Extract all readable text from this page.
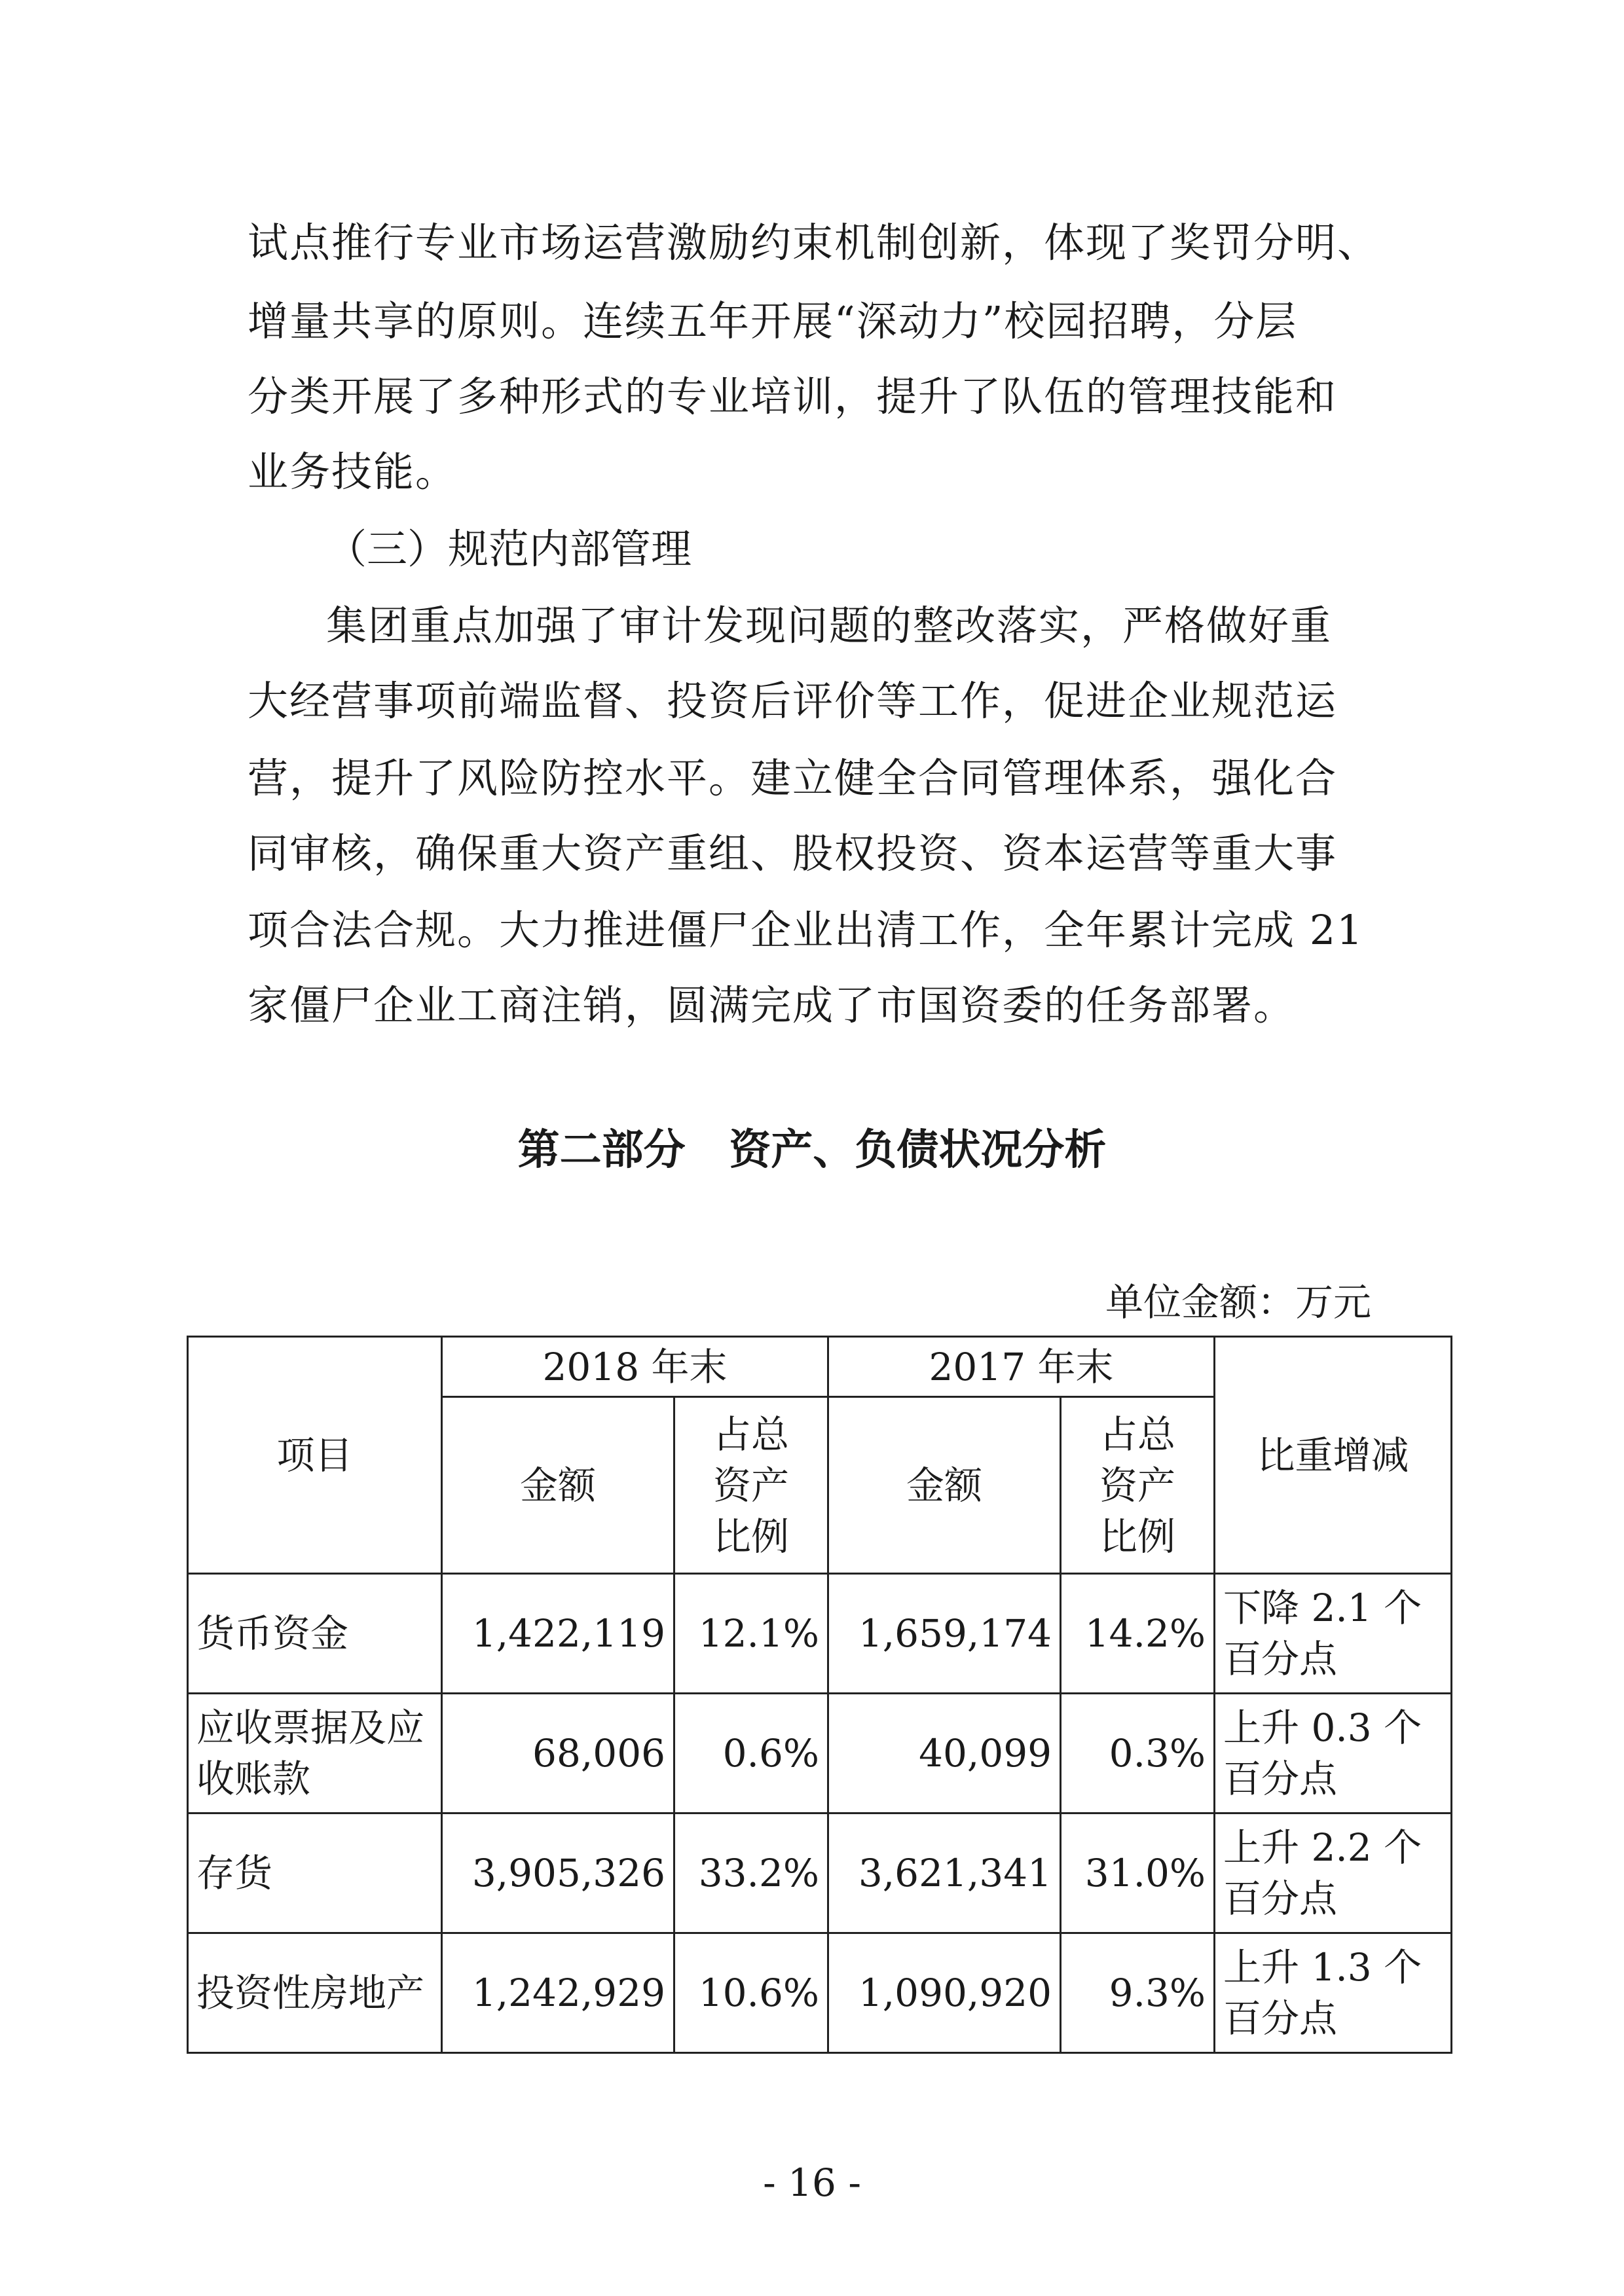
试点推行专业市场运营激励约束机制创新，体现了奖罚分明、
增量共享的原则。连续五年开展“深动力”校园招聘，分层
分类开展了多种形式的专业培训，提升了队伍的管理技能和
业务技能。
（三）规范内部管理
集团重点加强了审计发现问题的整改落实，严格做好重
大经营事项前端监督、投资后评价等工作，促进企业规范运
营，提升了风险防控水平。建立健全合同管理体系，强化合
同审核，确保重大资产重组、股权投资、资本运营等重大事
项合法合规。大力推进僵尸企业出清工作，全年累计完成 21
家僵尸企业工商注销，圆满完成了市国资委的任务部署。
第二部分   资产、负债状况分析
单位金额：万元
项目	2018 年末		2017 年末		比重增减
	金额	占总资产比例	金额	占总资产比例	
货币资金	1,422,119	12.1%	1,659,174	14.2%	下降 2.1 个百分点
应收票据及应收账款	68,006	0.6%	40,099	0.3%	上升 0.3 个百分点
存货	3,905,326	33.2%	3,621,341	31.0%	上升 2.2 个百分点
投资性房地产	1,242,929	10.6%	1,090,920	9.3%	上升 1.3 个百分点
- 16 -
